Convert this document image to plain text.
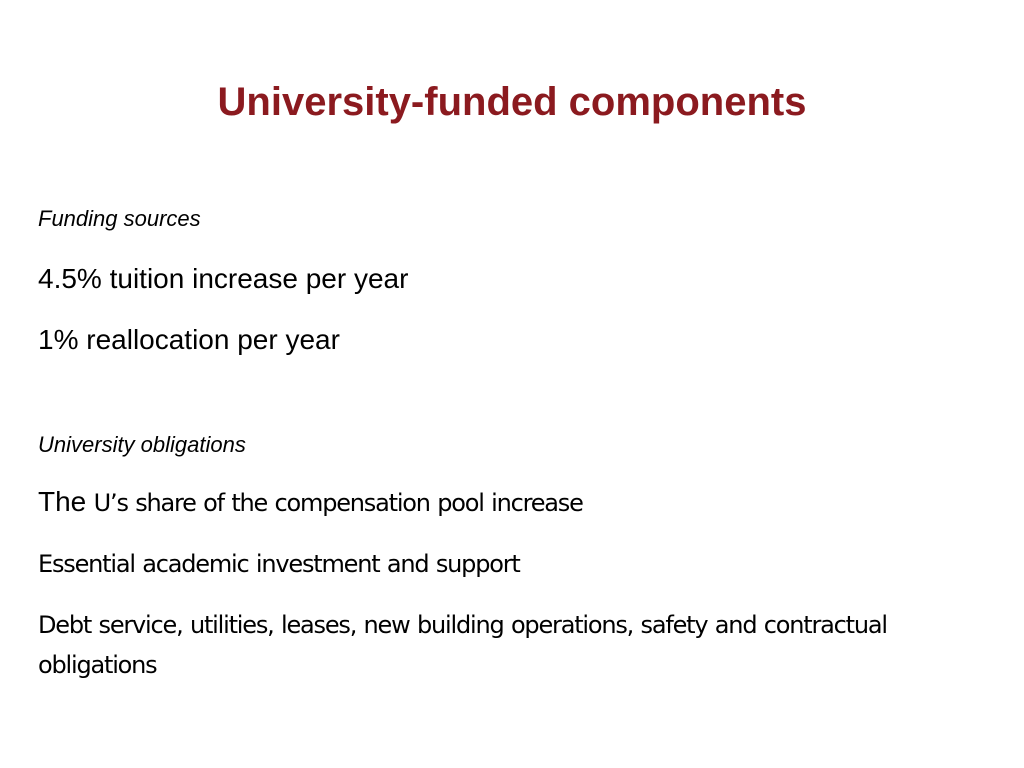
University-funded components
Funding sources
4.5% tuition increase per year
1% reallocation per year
University obligations
The U’s share of the compensation pool increase
Essential academic investment and support
Debt service, utilities, leases, new building operations, safety and contractual obligations
